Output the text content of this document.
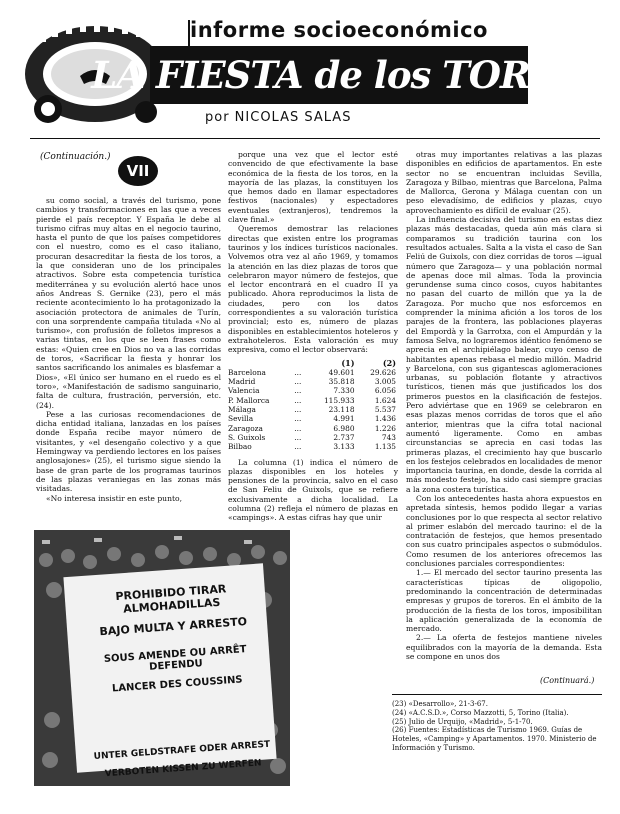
informe socioeconómico
LA FIESTA de los TOROS
por NICOLAS SALAS
(Continuación.)
VII

su como social, a través del turismo, pone cambios y transformaciones en las que a veces pierde el país receptor. Y España le debe al turismo cifras muy altas en el negocio taurino, hasta el punto de que los países competidores con el nuestro, como es el caso italiano, procuran desacreditar la fiesta de los toros, a la que consideran uno de los principales atractivos. Sobre esta competencia turística mediterránea y su evolución alertó hace unos años Andreas S. Gernike (23), pero el más reciente acontecimiento lo ha protagonizado la asociación protectora de animales de Turín, con una sorprendente campaña titulada «No al turismo», con profusión de folletos impresos a varias tintas, en los que se leen frases como estas: «Quien cree en Dios no va a las corridas de toros, «Sacrificar la fiesta y honrar los santos sacrificando los animales es blasfemar a Dios», «El único ser humano en el ruedo es el toro», «Manifestación de sadismo sanguinario, falta de cultura, frustración, perversión, etc. (24).

Pese a las curiosas recomendaciones de dicha entidad italiana, lanzadas en los países donde España recibe mayor número de visitantes, y «el desengaño colectivo y a que Hemingway va perdiendo lectores en los países anglosajones» (25), el turismo sigue siendo la base de gran parte de los programas taurinos de las plazas veraniegas en las zonas más visitadas.

«No interesa insistir en este punto,

porque una vez que el lector esté convencido de que efectivamente la base económica de la fiesta de los toros, en la mayoría de las plazas, la constituyen los que hemos dado en llamar espectadores festivos (nacionales) y espectadores eventuales (extranjeros), tendremos la clave final.»

Queremos demostrar las relaciones directas que existen entre los programas taurinos y los índices turísticos nacionales. Volvemos otra vez al año 1969, y tomamos la atención en las diez plazas de toros que celebraron mayor número de festejos, que el lector encontrará en el cuadro II ya publicado. Ahora reproducimos la lista de ciudades, pero con los datos correspondientes a su valoración turística provincial; esto es, número de plazas disponibles en establecimientos hoteleros y extrahoteleros. Esta valoración es muy expresiva, como el lector observará:

		(1)	(2)
Barcelona	...	49.601	29.626
Madrid	...	35.818	3.005
Valencia	...	7.330	6.056
P. Mallorca	...	115.933	1.624
Málaga	...	23.118	5.537
Sevilla	...	4.991	1.436
Zaragoza	...	6.980	1.226
S. Guixols	...	2.737	743
Bilbao	...	3.133	1.135

La columna (1) indica el número de plazas disponibles en los hoteles y pensiones de la provincia, salvo en el caso de San Feliu de Guixols, que se refiere exclusivamente a dicha localidad. La columna (2) refleja el número de plazas en «campings». A estas cifras hay que unir

otras muy importantes relativas a las plazas disponibles en edificios de apartamentos. En este sector no se encuentran incluidas Sevilla, Zaragoza y Bilbao, mientras que Barcelona, Palma de Mallorca, Gerona y Málaga cuentan con un peso elevadísimo, de edificios y plazas, cuyo aprovechamiento es difícil de evaluar (25).

La influencia decisiva del turismo en estas diez plazas más destacadas, queda aún más clara si comparamos su tradición taurina con los resultados actuales. Salta a la vista el caso de San Feliú de Guixols, con diez corridas de toros —igual número que Zaragoza— y una población normal de apenas doce mil almas. Toda la provincia gerundense suma cinco cosos, cuyos habitantes no pasan del cuarto de millón que ya la de Zaragoza. Por mucho que nos esforcemos en comprender la mínima afición a los toros de los parajes de la frontera, las poblaciones playeras del Empordà y la Garrotxa, con el Ampurdán y la famosa Selva, no lograremos idéntico fenómeno se aprecia en el archipiélago balear, cuyo censo de habitantes apenas rebasa el medio millón. Madrid y Barcelona, con sus gigantescas aglomeraciones urbanas, su población flotante y atractivos turísticos, tienen más que justificados los dos primeros puestos en la clasificación de festejos. Pero adviértase que en 1969 se celebraron en esas plazas menos corridas de toros que el año anterior, mientras que la cifra total nacional aumentó ligeramente. Como en ambas circunstancias se aprecia en casi todas las primeras plazas, el crecimiento hay que buscarlo en los festejos celebrados en localidades de menor importancia taurina, en donde, desde la corrida al más modesto festejo, ha sido casi siempre gracias a la zona costera turística.

Con los antecedentes hasta ahora expuestos en apretada síntesis, hemos podido llegar a varias conclusiones por lo que respecta al sector relativo al primer eslabón del mercado taurino: el de la contratación de festejos, que hemos presentado con sus cuatro principales aspectos o submódulos. Como resumen de los anteriores ofrecemos las conclusiones parciales correspondientes:

1.— El mercado del sector taurino presenta las características típicas de oligopolio, predominando la concentración de determinadas empresas y grupos de toreros. En el ámbito de la producción de la fiesta de los toros, imposibilitan la aplicación generalizada de la economía de mercado.

2.— La oferta de festejos mantiene niveles equilibrados con la mayoría de la demanda. Esta se compone en unos dos

(Continuará.)
PROHIBIDO TIRAR ALMOHADILLAS
BAJO MULTA Y ARRESTO
SOUS AMENDE OU ARRÊT DEFENDU
LANCER DES COUSSINS
UNTER GELDSTRAFE ODER ARREST
VERBOTEN KISSEN ZU WERFEN
(23) «Desarrollo», 21-3-67.
(24) «A.C.S.D.», Corso Mazzotti, 5, Torino (Italia).
(25) Julio de Urquijo, «Madrid», 5-1-70.
(26) Fuentes: Estadísticas de Turismo 1969. Guías de Hoteles, «Camping» y Apartamentos. 1970. Ministerio de Información y Turismo.
